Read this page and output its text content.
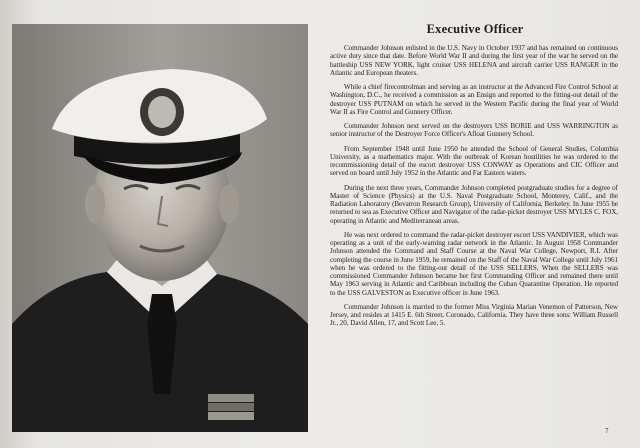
Executive Officer

Commander Johnson enlisted in the U.S. Navy in October 1937 and has remained on continuous active duty since that date. Before World War II and during the first year of the war he served on the battleship USS NEW YORK, light cruiser USS HELENA and aircraft carrier USS RANGER in the Atlantic and European theaters.

While a chief firecontrolman and serving as an instructor at the Advanced Fire Control School at Washington, D.C., he received a commission as an Ensign and reported to the fitting-out detail of the destroyer USS PUTNAM on which he served in the Western Pacific during the final year of World War II as Fire Control and Gunnery Officer.

Commander Johnson next served on the destroyers USS BORIE and USS WARRINGTON as senior instructor of the Destroyer Force Officer's Afloat Gunnery School.

From September 1948 until June 1950 he attended the School of General Studies, Columbia University, as a mathematics major. With the outbreak of Korean hostilities he was ordered to the recommissioning detail of the escort destroyer USS CONWAY as Operations and CIC Officer and served on board until July 1952 in the Atlantic and Far Eastern waters.

During the next three years, Commander Johnson completed postgraduate studies for a degree of Master of Science (Physics) at the U.S. Naval Postgraduate School, Monterey, Calif., and the Radiation Laboratory (Bevatron Research Group), University of California, Berkeley. In June 1955 he returned to sea as Executive Officer and Navigator of the radar-picket destroyer USS MYLES C. FOX, operating in Atlantic and Mediterranean areas.

He was next ordered to command the radar-picket destroyer escort USS VANDIVIER, which was operating as a unit of the early-warning radar network in the Atlantic. In August 1958 Commander Johnson attended the Command and Staff Course at the Naval War College, Newport, R.I. After completing the course in June 1959, he remained on the Staff of the Naval War College until July 1961 when he was ordered to the fitting-out detail of the USS SELLERS. When the SELLERS was commissioned Commander Johnson became her first Commanding Officer and remained there until May 1963 serving in Atlantic and Caribbean including the Cuban Quarantine Operation. He reported to the USS GALVESTON as Executive officer in June 1963.

Commander Johnson is married to the former Miss Virginia Marian Venemon of Patterson, New Jersey, and resides at 1415 E. 6th Street, Coronado, California. They have three sons: William Russell Jr., 20, David Allen, 17, and Scott Lee, 5.

7
